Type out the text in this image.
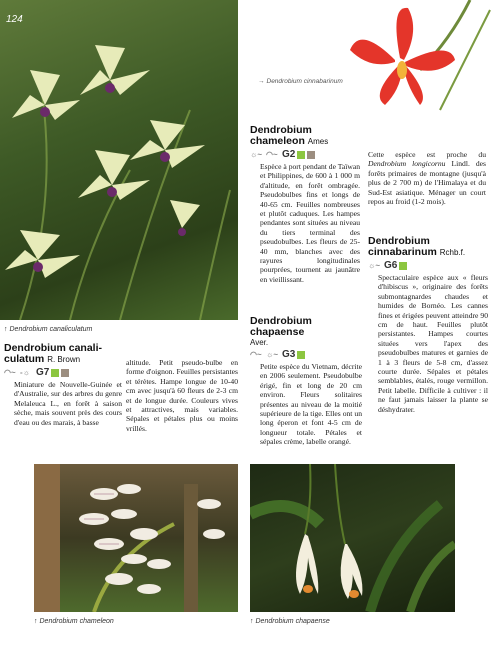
124
→ Dendrobium cinnabarinum
↑ Dendrobium canaliculatum
Dendrobium
chameleon Ames
☼~ ◠~ G2
Espèce à port pendant de Taïwan et Philippines, de 600 à 1 000 m d'altitude, en forêt ombragée. Pseudobulbes fins et longs de 40-65 cm. Feuilles nombreuses et plutôt caduques. Les hampes pendantes sont situées au niveau du tiers terminal des pseudobulbes. Les fleurs de 25-40 mm, blanches avec des rayures longitudinales pourprées, tournent au jaunâtre en vieillissant.
Cette espèce est proche du Dendrobium longicornu Lindl. des forêts primaires de montagne (jusqu'à plus de 2 700 m) de l'Himalaya et du Sud-Est asiatique. Ménager un court repos au froid (1-2 mois).
Dendrobium
cinnabarinum Rchb.f.
☼~ G6
Spectaculaire espèce aux « fleurs d'hibiscus », originaire des forêts submontagnardes chaudes et humides de Bornéo. Les cannes fines et érigées peuvent atteindre 90 cm de haut. Feuilles plutôt persistantes. Hampes courtes situées vers l'apex des pseudobulbes matures et garnies de 1 à 3 fleurs de 5-8 cm, d'assez courte durée. Sépales et pétales semblables, étalés, rouge vermillon. Petit labelle. Difficile à cultiver : il ne faut jamais laisser la plante se déshydrater.
Dendrobium chapaense
Aver.
◠~ ☼~ G3
Petite espèce du Vietnam, décrite en 2006 seulement. Pseudobulbe érigé, fin et long de 20 cm environ. Fleurs solitaires présentes au niveau de la moitié supérieure de la tige. Elles ont un long éperon et font 4-5 cm de longueur totale. Pétales et sépales crème, labelle orangé.
Dendrobium canali-
culatum R. Brown
◠~ -☼ G7
Miniature de Nouvelle-Guinée et d'Australie, sur des arbres du genre Melaleuca L., en forêt à saison sèche, mais souvent près des cours d'eau ou des marais, à basse
altitude. Petit pseudo-bulbe en forme d'oignon. Feuilles persistantes et térètes. Hampe longue de 10-40 cm avec jusqu'à 60 fleurs de 2-3 cm et de longue durée. Couleurs vives et attractives, mais variables. Sépales et pétales plus ou moins vrillés.
↑ Dendrobium chameleon	↑ Dendrobium chapaense
